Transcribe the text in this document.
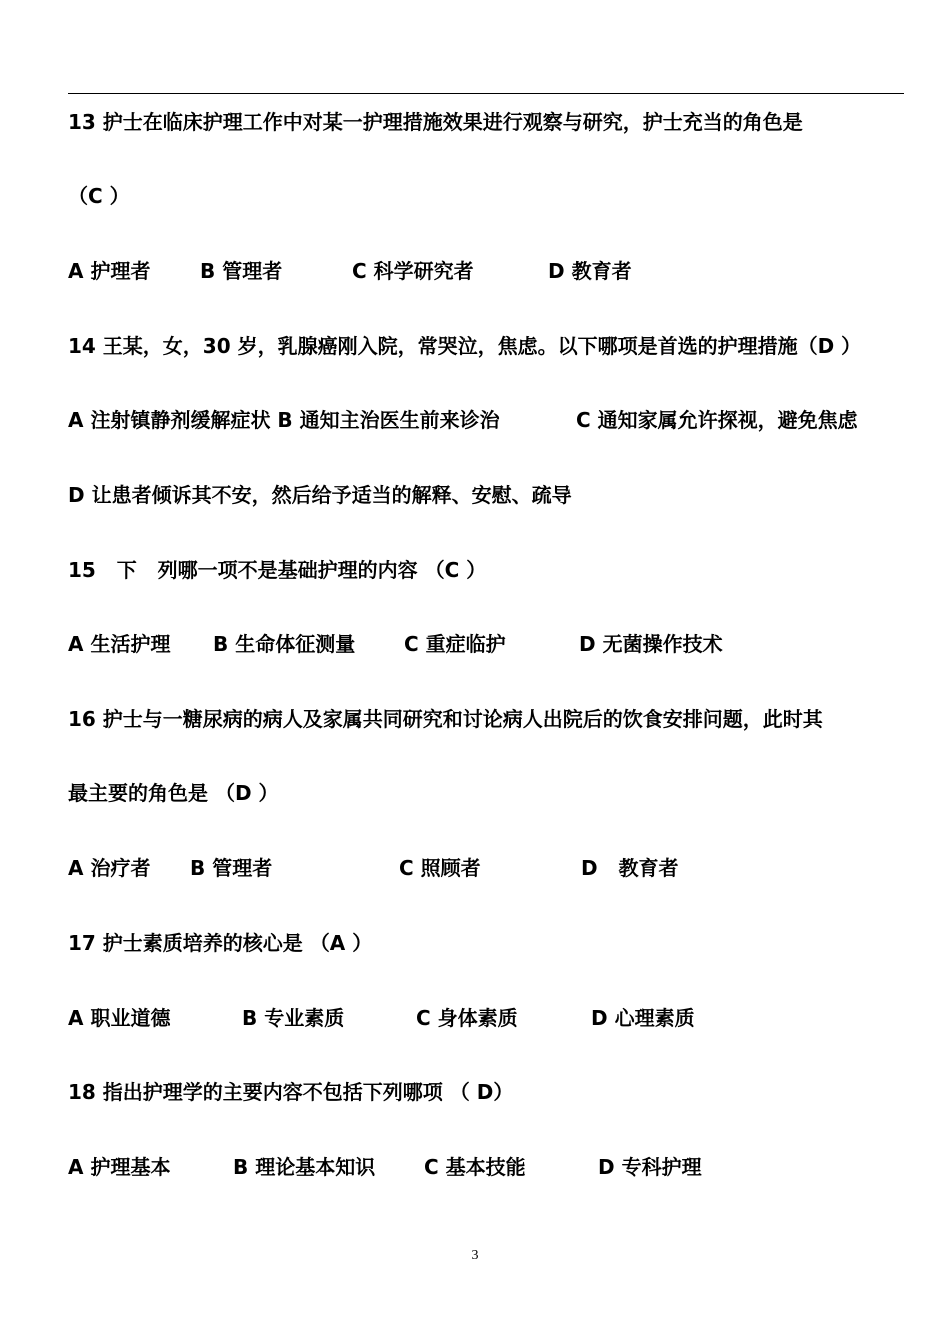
13 护士在临床护理工作中对某一护理措施效果进行观察与研究，护士充当的角色是
（C ）
A 护理者 B 管理者	C 科学研究者	D 教育者
14 王某，女，30 岁，乳腺癌刚入院，常哭泣，焦虑。以下哪项是首选的护理措施（D ）
A 注射镇静剂缓解症状 B 通知主治医生前来诊治	C 通知家属允许探视，避免焦虑
D 让患者倾诉其不安，然后给予适当的解释、安慰、疏导
15   下   列哪一项不是基础护理的内容 （C ）
A 生活护理 B 生命体征测量 C 重症临护	D 无菌操作技术
16 护士与一糖尿病的病人及家属共同研究和讨论病人出院后的饮食安排问题，此时其
最主要的角色是 （D ）
A 治疗者 B 管理者	C 照顾者	D   教育者
17 护士素质培养的核心是 （A ）
A 职业道德	B 专业素质	C 身体素质	D 心理素质
18 指出护理学的主要内容不包括下列哪项 （ D）
A 护理基本	B 理论基本知识 C 基本技能	D 专科护理
3
